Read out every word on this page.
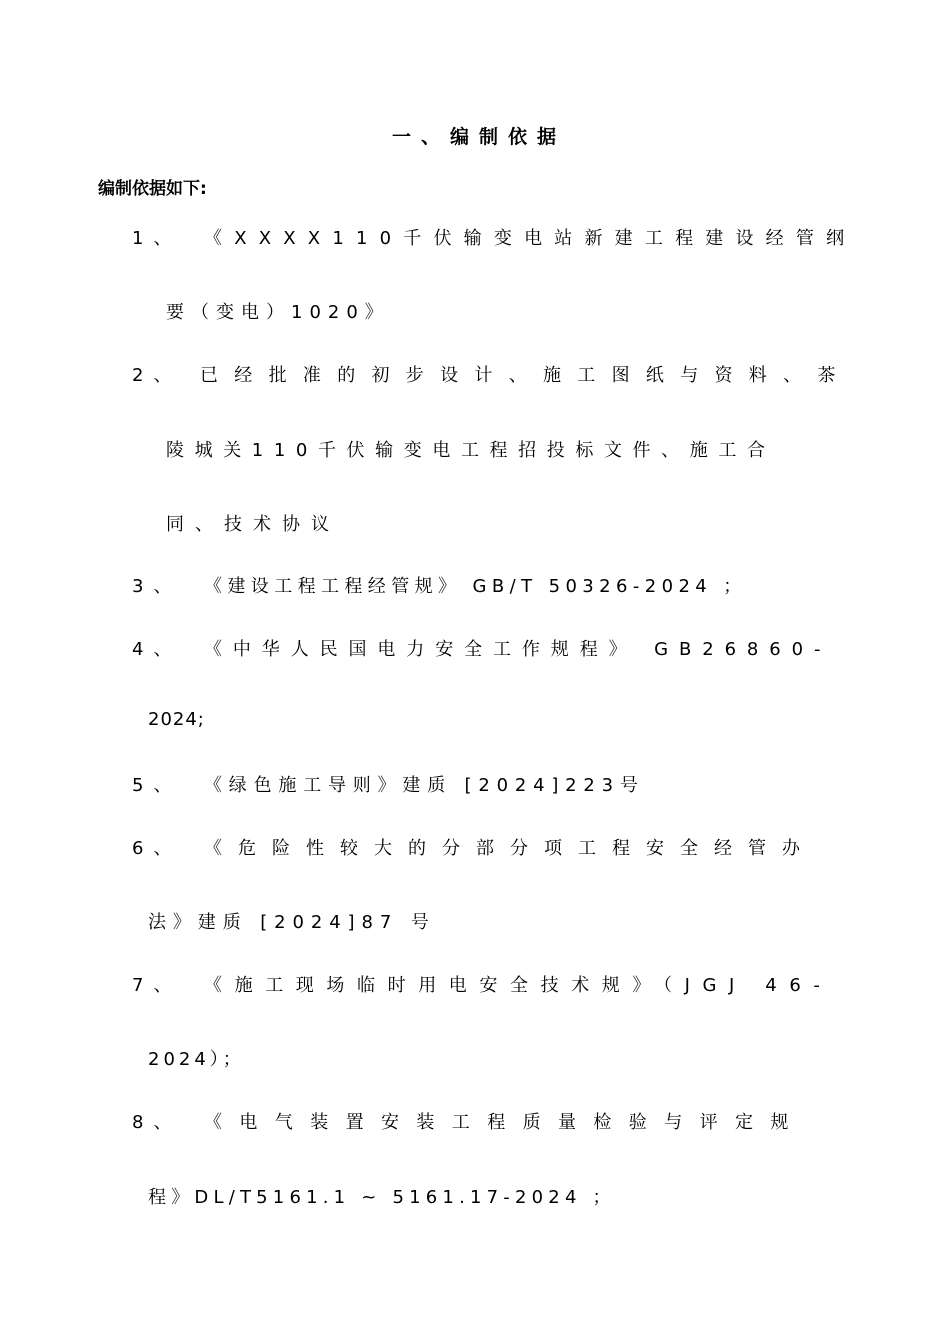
一、编制依据
编制依据如下:
1、 《XXXX110千伏输变电站新建工程建设经管纲
要（变电）1020》
2、 已经批准的初步设计、施工图纸与资料、茶
陵城关110千伏输变电工程招投标文件、施工合
同、技术协议
3、 《建设工程工程经管规》 GB/T 50326-2024 ；
4、 《中华人民国电力安全工作规程》 GB26860-
2024;
5、 《绿色施工导则》建质 [2024]223号
6、 《危险性较大的分部分项工程安全经管办
法》建质 [2024]87 号
7、 《施工现场临时用电安全技术规》（JGJ 46-
2024）；
8、 《电气装置安装工程质量检验与评定规
程》DL/T5161.1 ~ 5161.17-2024 ；
